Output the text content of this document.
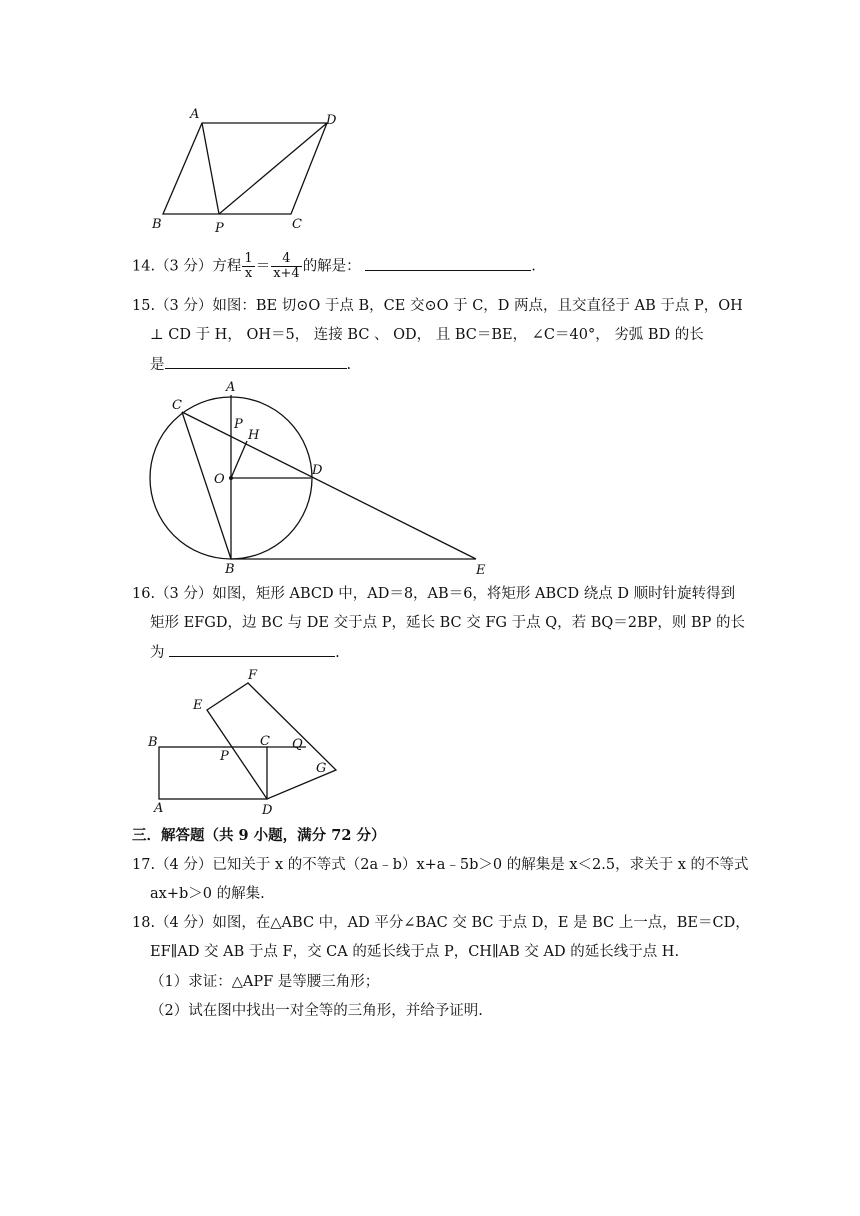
A	D
B	P	C
14.（3 分）方程 $\frac{1}{x} = \frac{4}{x+4}$ 的解是：	.
15.（3 分）如图：BE 切⊙O 于点 B，CE 交⊙O 于 C，D 两点，且交直径于 AB 于点 P，OH
⊥ CD 于 H， OH＝5， 连接 BC 、 OD， 且 BC＝BE， ∠C＝40°， 劣弧 BD 的长
是	.
A
C
P
H
O
D
B	E
16.（3 分）如图，矩形 ABCD 中，AD＝8，AB＝6，将矩形 ABCD 绕点 D 顺时针旋转得到
矩形 EFGD，边 BC 与 DE 交于点 P，延长 BC 交 FG 于点 Q，若 BQ＝2BP，则 BP 的长
为	.
F
E
B
P
C Q
G
A	D
三．解答题（共 9 小题，满分 72 分）
17.（4 分）已知关于 x 的不等式（2a﹣b）x+a﹣5b＞0 的解集是 x＜2.5，求关于 x 的不等式
ax+b＞0 的解集.
18.（4 分）如图，在△ABC 中，AD 平分∠BAC 交 BC 于点 D，E 是 BC 上一点，BE＝CD，
EF∥AD 交 AB 于点 F，交 CA 的延长线于点 P，CH∥AB 交 AD 的延长线于点 H.
（1）求证：△APF 是等腰三角形；
（2）试在图中找出一对全等的三角形，并给予证明.
